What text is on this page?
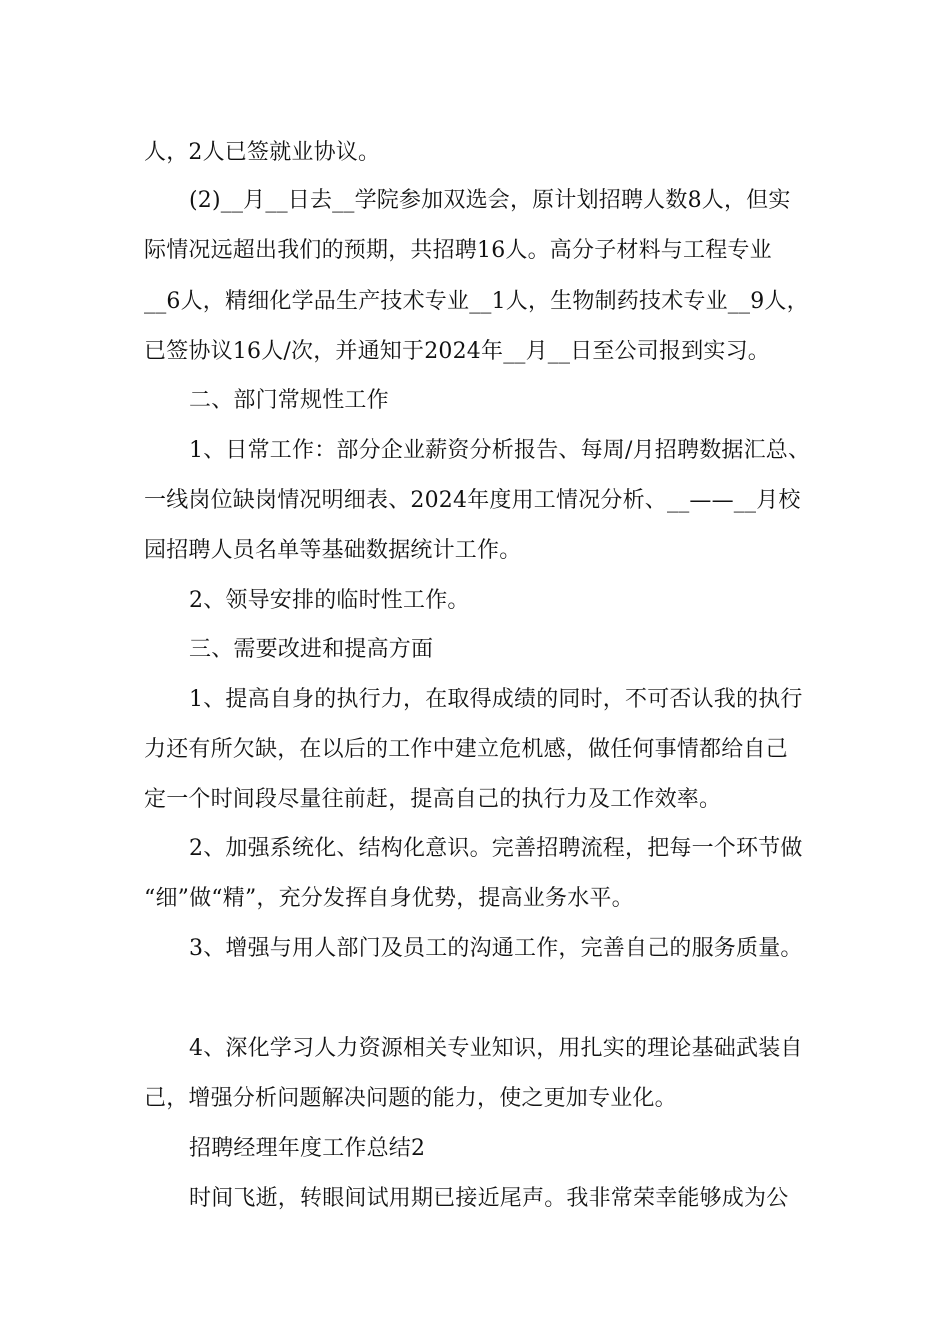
人，2人已签就业协议。
(2)__月__日去__学院参加双选会，原计划招聘人数8人，但实
际情况远超出我们的预期，共招聘16人。高分子材料与工程专业
__6人，精细化学品生产技术专业__1人，生物制药技术专业__9人，
已签协议16人/次，并通知于2024年__月__日至公司报到实习。
二、部门常规性工作
1、日常工作：部分企业薪资分析报告、每周/月招聘数据汇总、
一线岗位缺岗情况明细表、2024年度用工情况分析、__——__月校
园招聘人员名单等基础数据统计工作。
2、领导安排的临时性工作。
三、需要改进和提高方面
1、提高自身的执行力，在取得成绩的同时，不可否认我的执行
力还有所欠缺，在以后的工作中建立危机感，做任何事情都给自己
定一个时间段尽量往前赶，提高自己的执行力及工作效率。
2、加强系统化、结构化意识。完善招聘流程，把每一个环节做
“细”做“精”，充分发挥自身优势，提高业务水平。
3、增强与用人部门及员工的沟通工作，完善自己的服务质量。
4、深化学习人力资源相关专业知识，用扎实的理论基础武装自
己，增强分析问题解决问题的能力，使之更加专业化。
招聘经理年度工作总结2
时间飞逝，转眼间试用期已接近尾声。我非常荣幸能够成为公
